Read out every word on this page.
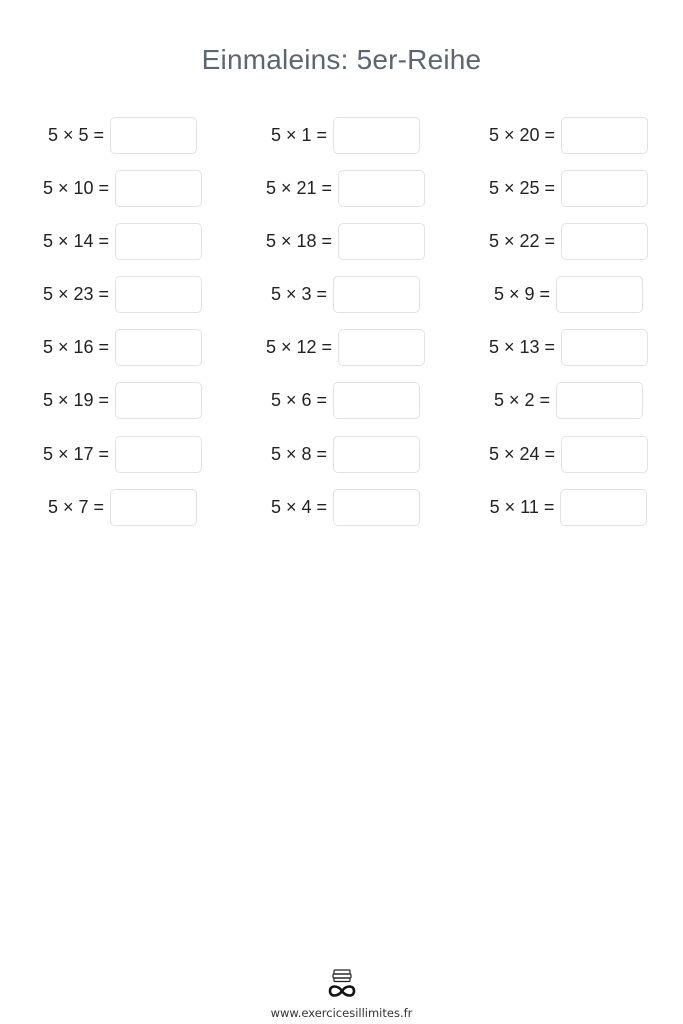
Einmaleins: 5er-Reihe
5 × 5 =	5 × 1 =	5 × 20 =
5 × 10 =	5 × 21 =	5 × 25 =
5 × 14 =	5 × 18 =	5 × 22 =
5 × 23 =	5 × 3 =	5 × 9 =
5 × 16 =	5 × 12 =	5 × 13 =
5 × 19 =	5 × 6 =	5 × 2 =
5 × 17 =	5 × 8 =	5 × 24 =
5 × 7 =	5 × 4 =	5 × 11 =
www.exercicesillimites.fr
